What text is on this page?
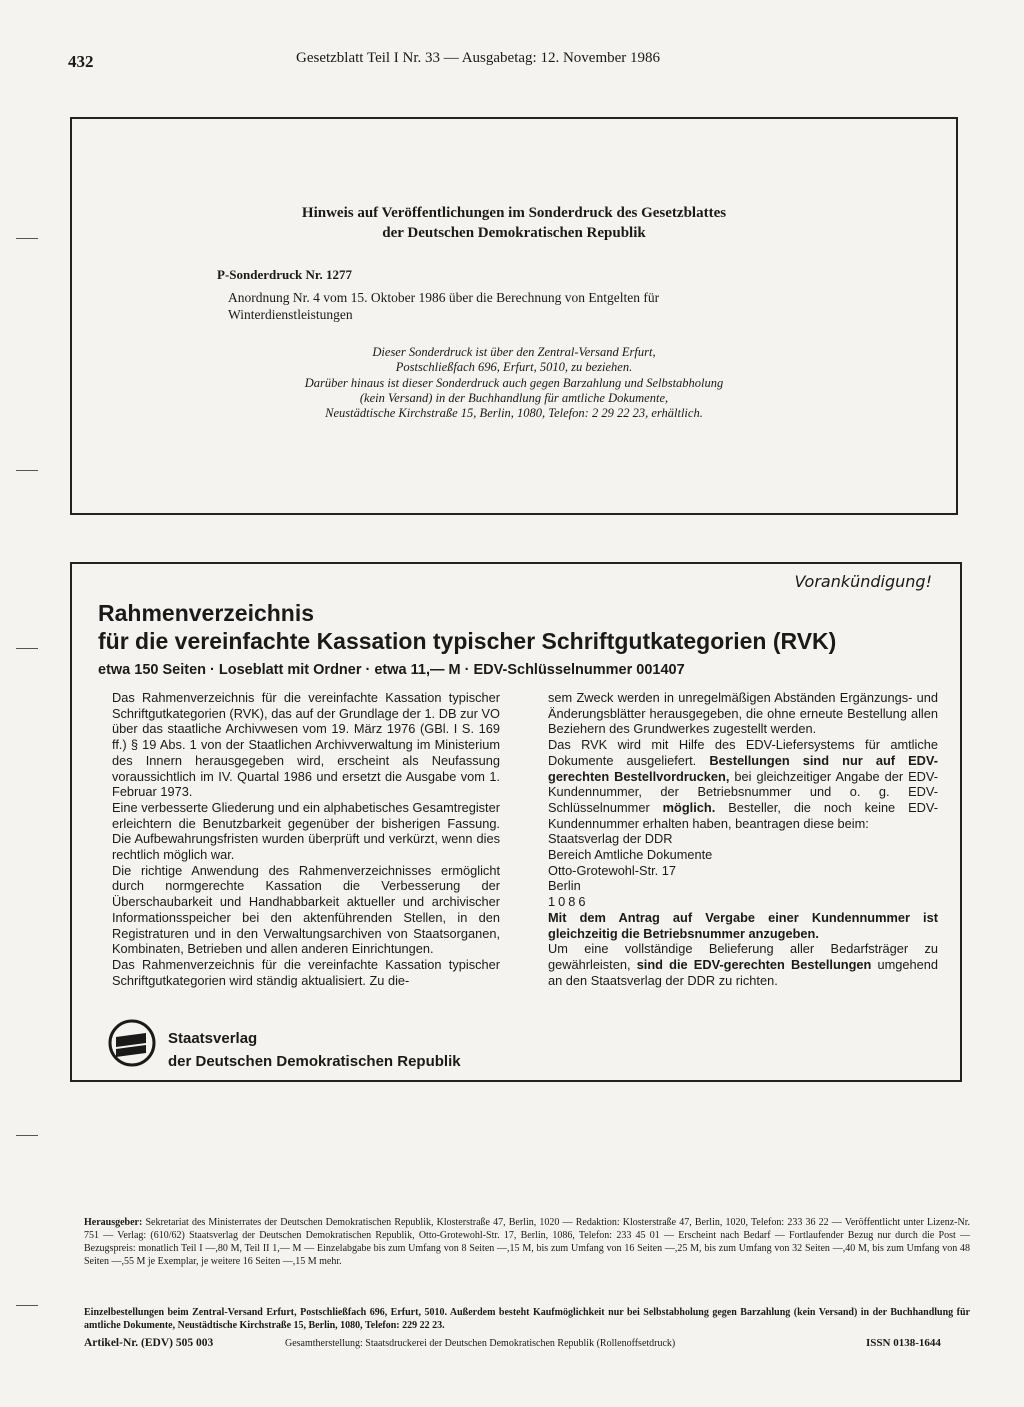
432	Gesetzblatt Teil I Nr. 33 — Ausgabetag: 12. November 1986
Hinweis auf Veröffentlichungen im Sonderdruck des Gesetzblattes
der Deutschen Demokratischen Republik
P-Sonderdruck Nr. 1277
Anordnung Nr. 4 vom 15. Oktober 1986 über die Berechnung von Entgelten für
Winterdienstleistungen
Dieser Sonderdruck ist über den Zentral-Versand Erfurt,
Postschließfach 696, Erfurt, 5010, zu beziehen.
Darüber hinaus ist dieser Sonderdruck auch gegen Barzahlung und Selbstabholung
(kein Versand) in der Buchhandlung für amtliche Dokumente,
Neustädtische Kirchstraße 15, Berlin, 1080, Telefon: 2 29 22 23, erhältlich.
Vorankündigung!
Rahmenverzeichnis
für die vereinfachte Kassation typischer Schriftgutkategorien (RVK)
etwa 150 Seiten · Loseblatt mit Ordner · etwa 11,— M · EDV-Schlüsselnummer 001407

Das Rahmenverzeichnis für die vereinfachte Kassation typischer Schriftgutkategorien (RVK), das auf der Grundlage der 1. DB zur VO über das staatliche Archivwesen vom 19. März 1976 (GBl. I S. 169 ff.) § 19 Abs. 1 von der Staatlichen Archivverwaltung im Ministerium des Innern herausgegeben wird, erscheint als Neufassung voraussichtlich im IV. Quartal 1986 und ersetzt die Ausgabe vom 1. Februar 1973.

Eine verbesserte Gliederung und ein alphabetisches Gesamtregister erleichtern die Benutzbarkeit gegenüber der bisherigen Fassung. Die Aufbewahrungsfristen wurden überprüft und verkürzt, wenn dies rechtlich möglich war.

Die richtige Anwendung des Rahmenverzeichnisses ermöglicht durch normgerechte Kassation die Verbesserung der Überschaubarkeit und Handhabbarkeit aktueller und archivischer Informationsspeicher bei den aktenführenden Stellen, in den Registraturen und in den Verwaltungsarchiven von Staatsorganen, Kombinaten, Betrieben und allen anderen Einrichtungen.

Das Rahmenverzeichnis für die vereinfachte Kassation typischer Schriftgutkategorien wird ständig aktualisiert. Zu die-

sem Zweck werden in unregelmäßigen Abständen Ergänzungs- und Änderungsblätter herausgegeben, die ohne erneute Bestellung allen Beziehern des Grundwerkes zugestellt werden.

Das RVK wird mit Hilfe des EDV-Liefersystems für amtliche Dokumente ausgeliefert. Bestellungen sind nur auf EDV-gerechten Bestellvordrucken, bei gleichzeitiger Angabe der EDV-Kundennummer, der Betriebsnummer und o. g. EDV-Schlüsselnummer möglich. Besteller, die noch keine EDV-Kundennummer erhalten haben, beantragen diese beim:

Staatsverlag der DDR

Bereich Amtliche Dokumente

Otto-Grotewohl-Str. 17

Berlin

1086

Mit dem Antrag auf Vergabe einer Kundennummer ist gleichzeitig die Betriebsnummer anzugeben.

Um eine vollständige Belieferung aller Bedarfsträger zu gewährleisten, sind die EDV-gerechten Bestellungen umgehend an den Staatsverlag der DDR zu richten.

Staatsverlag
der Deutschen Demokratischen Republik
Herausgeber: Sekretariat des Ministerrates der Deutschen Demokratischen Republik, Klosterstraße 47, Berlin, 1020 — Redaktion: Klosterstraße 47, Berlin, 1020, Telefon: 233 36 22 — Veröffentlicht unter Lizenz-Nr. 751 — Verlag: (610/62) Staatsverlag der Deutschen Demokratischen Republik, Otto-Grotewohl-Str. 17, Berlin, 1086, Telefon: 233 45 01 — Erscheint nach Bedarf — Fortlaufender Bezug nur durch die Post — Bezugspreis: monatlich Teil I —,80 M, Teil II 1,— M — Einzelabgabe bis zum Umfang von 8 Seiten —,15 M, bis zum Umfang von 16 Seiten —,25 M, bis zum Umfang von 32 Seiten —,40 M, bis zum Umfang von 48 Seiten —,55 M je Exemplar, je weitere 16 Seiten —,15 M mehr.
Einzelbestellungen beim Zentral-Versand Erfurt, Postschließfach 696, Erfurt, 5010. Außerdem besteht Kaufmöglichkeit nur bei Selbstabholung gegen Barzahlung (kein Versand) in der Buchhandlung für amtliche Dokumente, Neustädtische Kirchstraße 15, Berlin, 1080, Telefon: 229 22 23.
Artikel-Nr. (EDV) 505 003	Gesamtherstellung: Staatsdruckerei der Deutschen Demokratischen Republik (Rollenoffsetdruck)	ISSN 0138-1644
